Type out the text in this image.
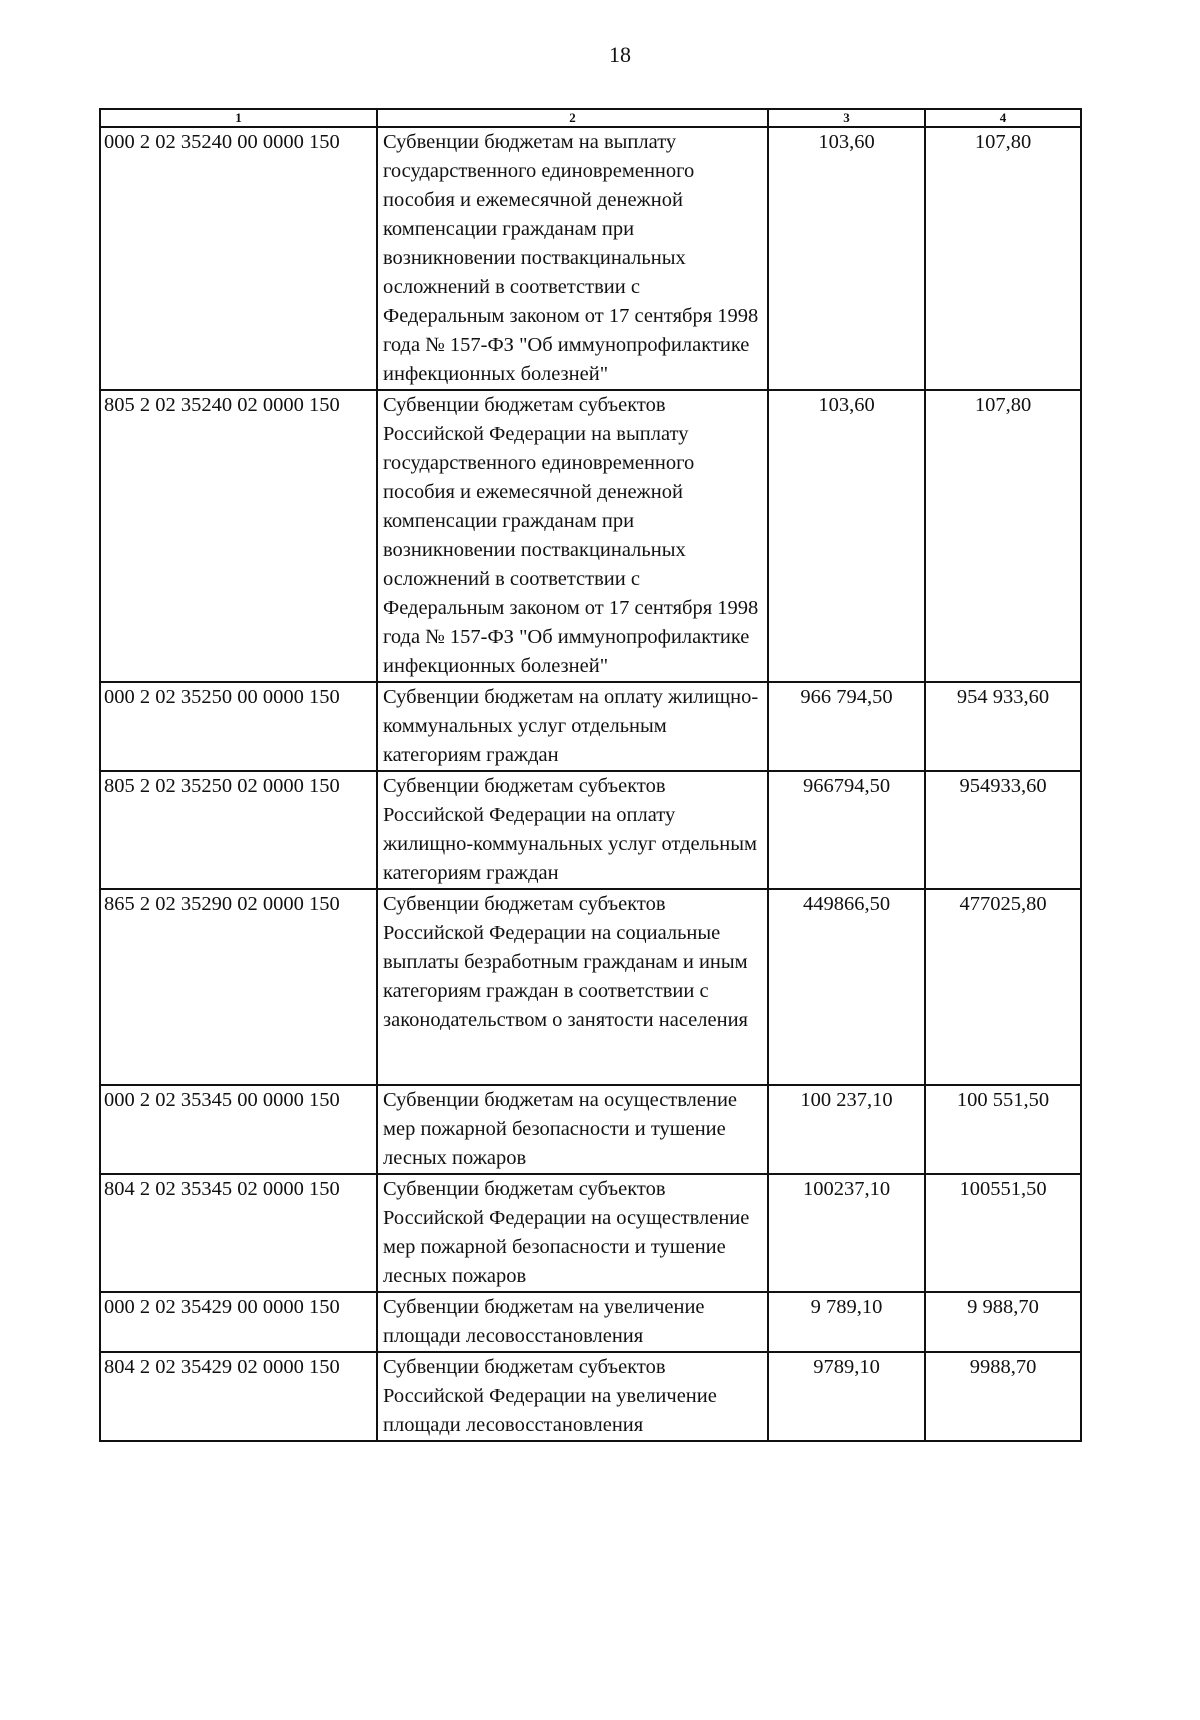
18
1	2	3	4
000 2 02 35240 00 0000 150	Субвенции бюджетам на выплату государственного единовременного пособия и ежемесячной денежной компенсации гражданам при возникновении поствакцинальных осложнений в соответствии с Федеральным законом от 17 сентября 1998 года № 157-ФЗ "Об иммунопрофилактике инфекционных болезней"	103,60	107,80
805 2 02 35240 02 0000 150	Субвенции бюджетам субъектов Российской Федерации на выплату государственного единовременного пособия и ежемесячной денежной компенсации гражданам при возникновении поствакцинальных осложнений в соответствии с Федеральным законом от 17 сентября 1998 года № 157-ФЗ "Об иммунопрофилактике инфекционных болезней"	103,60	107,80
000 2 02 35250 00 0000 150	Субвенции бюджетам на оплату жилищно-коммунальных услуг отдельным категориям граждан	966 794,50	954 933,60
805 2 02 35250 02 0000 150	Субвенции бюджетам субъектов Российской Федерации на оплату жилищно-коммунальных услуг отдельным категориям граждан	966794,50	954933,60
865 2 02 35290 02 0000 150	Субвенции бюджетам субъектов Российской Федерации на социальные выплаты безработным гражданам и иным категориям граждан в соответствии с законодательством о занятости населения	449866,50	477025,80
000 2 02 35345 00 0000 150	Субвенции бюджетам на осуществление мер пожарной безопасности и тушение лесных пожаров	100 237,10	100 551,50
804 2 02 35345 02 0000 150	Субвенции бюджетам субъектов Российской Федерации на осуществление мер пожарной безопасности и тушение лесных пожаров	100237,10	100551,50
000 2 02 35429 00 0000 150	Субвенции бюджетам на увеличение площади лесовосстановления	9 789,10	9 988,70
804 2 02 35429 02 0000 150	Субвенции бюджетам субъектов Российской Федерации на увеличение площади лесовосстановления	9789,10	9988,70
